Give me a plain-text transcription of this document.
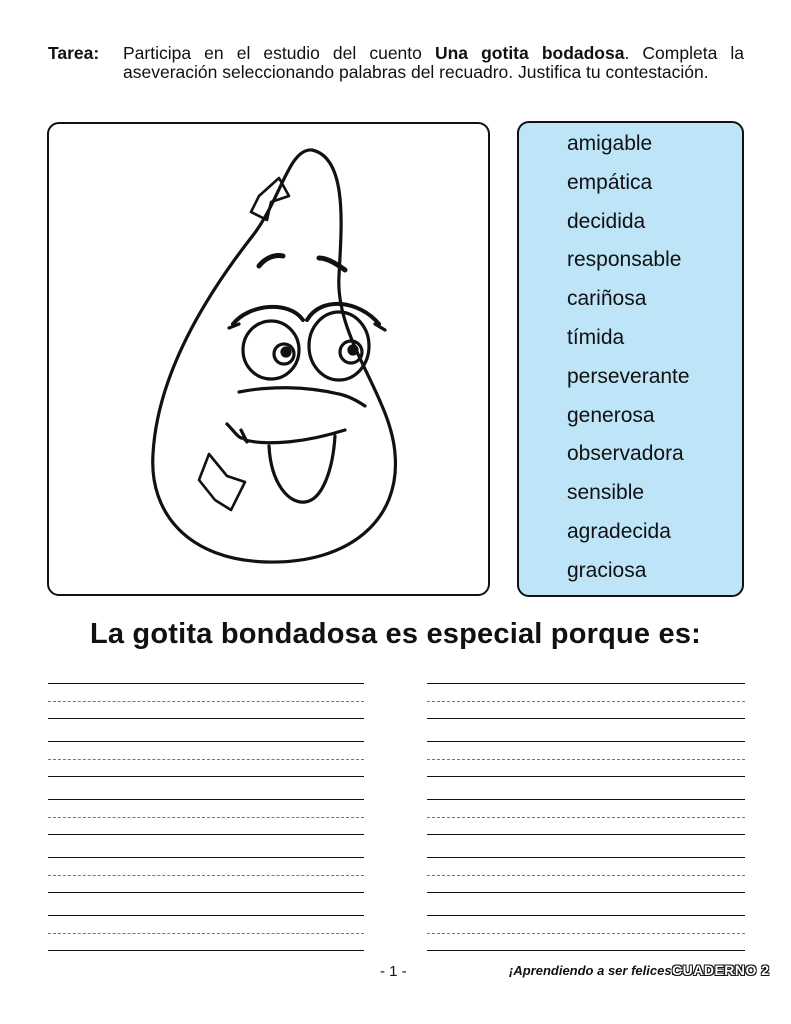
Tarea: Participa en el estudio del cuento Una gotita bodadosa. Completa la aseveración seleccionando palabras del recuadro. Justifica tu contestación.
amigable
empática
decidida
responsable
cariñosa
tímida
perseverante
generosa
observadora
sensible
agradecida
graciosa
La gotita bondadosa es especial porque es:
- 1 -	¡Aprendiendo a ser felices!
CUADERNO 2
